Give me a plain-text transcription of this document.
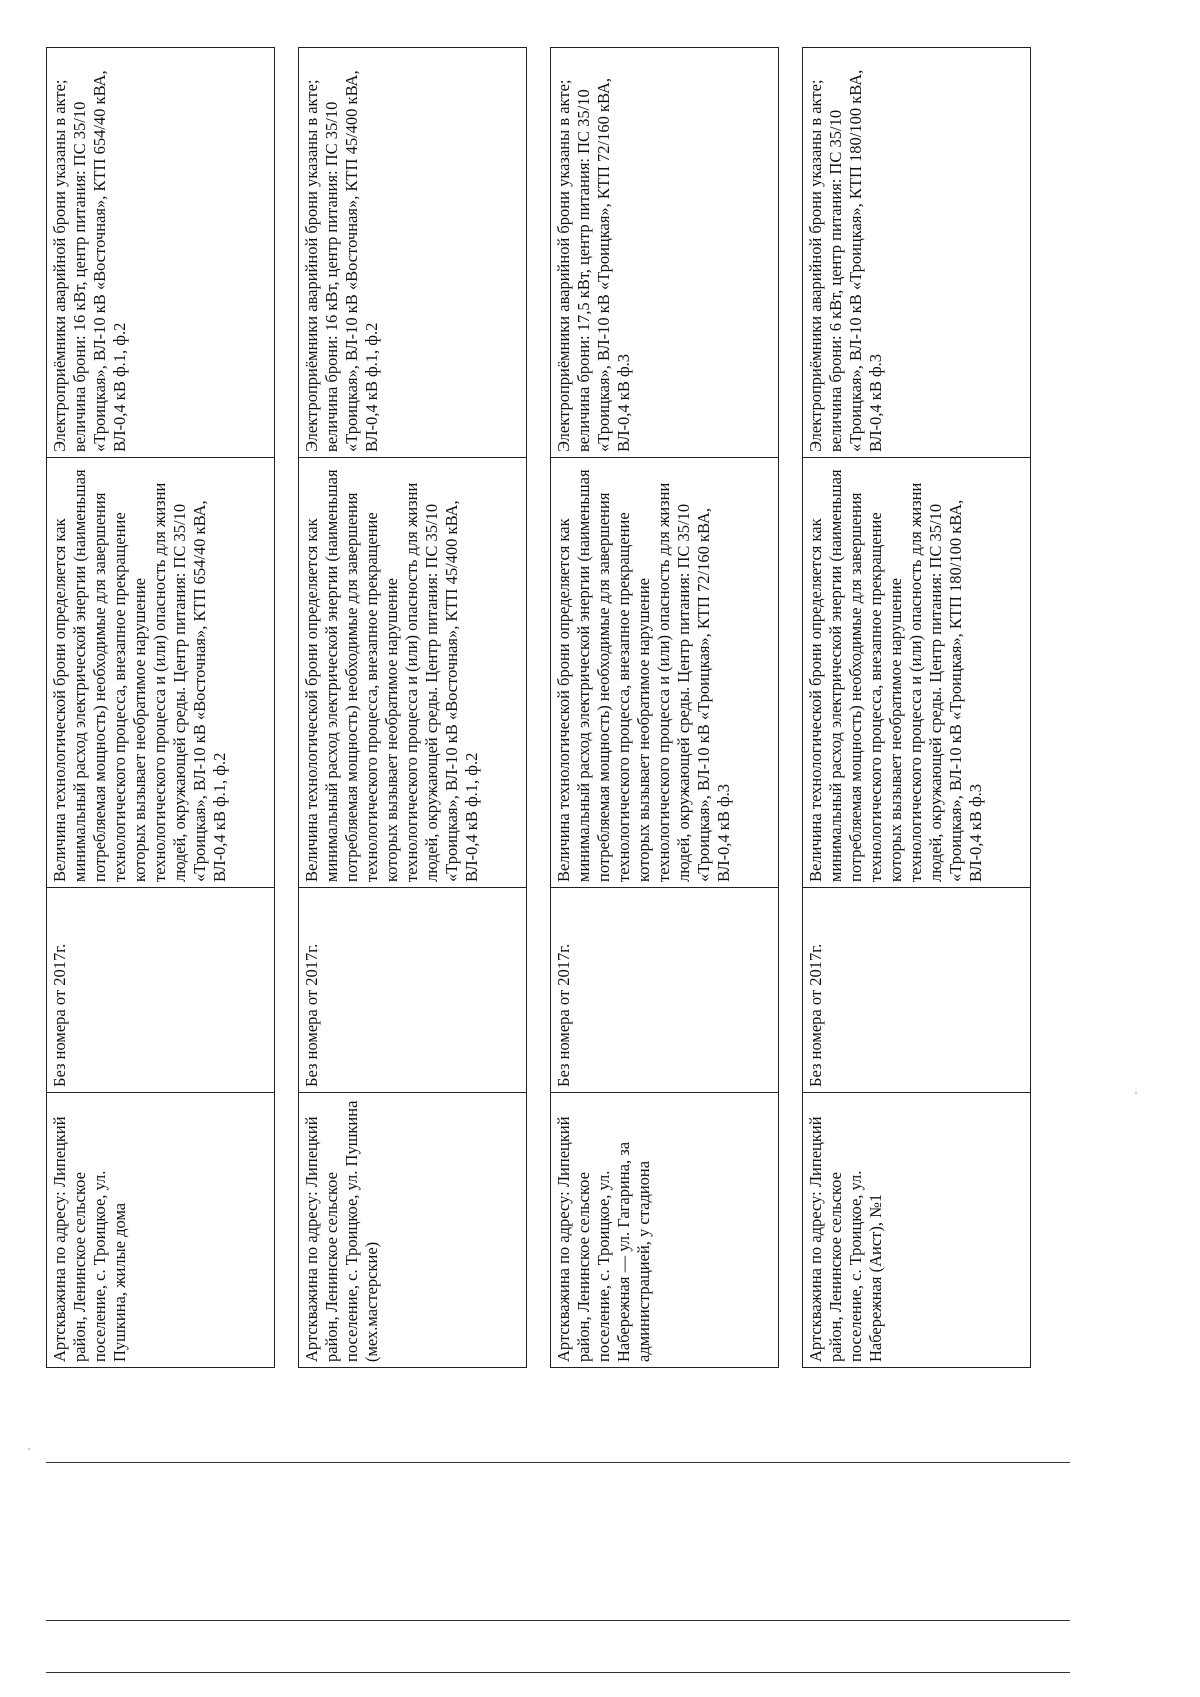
Артскважина по адресу: Липецкий район, Ленинское сельское поселение, с. Троицкое, ул. Пушкина, жилые дома	Без номера от 2017г.	Величина технологической брони определяется как минимальный расход электрической энергии (наименьшая потребляемая мощность) необходимые для завершения технологического процесса, внезапное прекращение которых вызывает необратимое нарушение технологического процесса и (или) опасность для жизни людей, окружающей среды. Центр питания: ПС 35/10 «Троицкая», ВЛ-10 кВ «Восточная», КТП 654/40 кВА, ВЛ-0,4 кВ ф.1, ф.2	Электроприёмники аварийной брони указаны в акте; величина брони: 16 кВт, центр питания: ПС 35/10 «Троицкая», ВЛ-10 кВ «Восточная», КТП 654/40 кВА, ВЛ-0,4 кВ ф.1, ф.2

Артскважина по адресу: Липецкий район, Ленинское сельское поселение, с. Троицкое, ул. Пушкина (мех.мастерские)	Без номера от 2017г.	Величина технологической брони определяется как минимальный расход электрической энергии (наименьшая потребляемая мощность) необходимые для завершения технологического процесса, внезапное прекращение которых вызывает необратимое нарушение технологического процесса и (или) опасность для жизни людей, окружающей среды. Центр питания: ПС 35/10 «Троицкая», ВЛ-10 кВ «Восточная», КТП 45/400 кВА, ВЛ-0,4 кВ ф.1, ф.2	Электроприёмники аварийной брони указаны в акте; величина брони: 16 кВт, центр питания: ПС 35/10 «Троицкая», ВЛ-10 кВ «Восточная», КТП 45/400 кВА, ВЛ-0,4 кВ ф.1, ф.2

Артскважина по адресу: Липецкий район, Ленинское сельское поселение, с. Троицкое, ул. Набережная — ул. Гагарина, за администрацией, у стадиона	Без номера от 2017г.	Величина технологической брони определяется как минимальный расход электрической энергии (наименьшая потребляемая мощность) необходимые для завершения технологического процесса, внезапное прекращение которых вызывает необратимое нарушение технологического процесса и (или) опасность для жизни людей, окружающей среды. Центр питания: ПС 35/10 «Троицкая», ВЛ-10 кВ «Троицкая», КТП 72/160 кВА, ВЛ-0,4 кВ ф.3	Электроприёмники аварийной брони указаны в акте; величина брони: 17,5 кВт, центр питания: ПС 35/10 «Троицкая», ВЛ-10 кВ «Троицкая», КТП 72/160 кВА, ВЛ-0,4 кВ ф.3

Артскважина по адресу: Липецкий район, Ленинское сельское поселение, с. Троицкое, ул. Набережная (Аист), №1	Без номера от 2017г.	Величина технологической брони определяется как минимальный расход электрической энергии (наименьшая потребляемая мощность) необходимые для завершения технологического процесса, внезапное прекращение которых вызывает необратимое нарушение технологического процесса и (или) опасность для жизни людей, окружающей среды. Центр питания: ПС 35/10 «Троицкая», ВЛ-10 кВ «Троицкая», КТП 180/100 кВА, ВЛ-0,4 кВ ф.3	Электроприёмники аварийной брони указаны в акте; величина брони: 6 кВт, центр питания: ПС 35/10 «Троицкая», ВЛ-10 кВ «Троицкая», КТП 180/100 кВА, ВЛ-0,4 кВ ф.3
